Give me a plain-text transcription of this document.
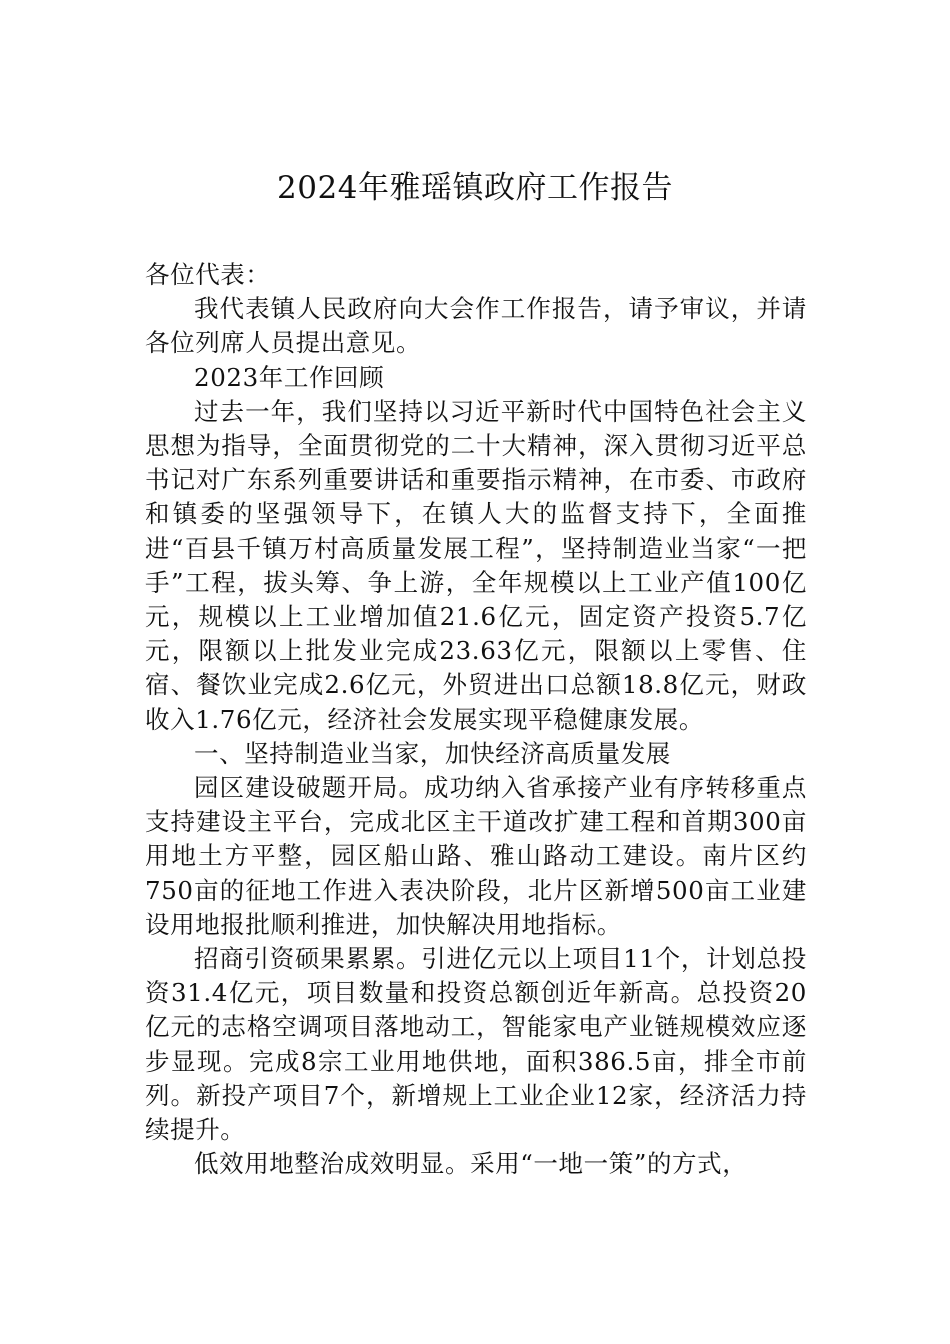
2024年雅瑶镇政府工作报告

各位代表：

我代表镇人民政府向大会作工作报告，请予审议，并请各位列席人员提出意见。

2023年工作回顾

过去一年，我们坚持以习近平新时代中国特色社会主义思想为指导，全面贯彻党的二十大精神，深入贯彻习近平总书记对广东系列重要讲话和重要指示精神，在市委、市政府和镇委的坚强领导下，在镇人大的监督支持下，全面推进“百县千镇万村高质量发展工程”，坚持制造业当家“一把手”工程，拔头筹、争上游，全年规模以上工业产值100亿元，规模以上工业增加值21.6亿元，固定资产投资5.7亿元，限额以上批发业完成23.63亿元，限额以上零售、住宿、餐饮业完成2.6亿元，外贸进出口总额18.8亿元，财政收入1.76亿元，经济社会发展实现平稳健康发展。

一、坚持制造业当家，加快经济高质量发展

园区建设破题开局。成功纳入省承接产业有序转移重点支持建设主平台，完成北区主干道改扩建工程和首期300亩用地土方平整，园区船山路、雅山路动工建设。南片区约750亩的征地工作进入表决阶段，北片区新增500亩工业建设用地报批顺利推进，加快解决用地指标。

招商引资硕果累累。引进亿元以上项目11个，计划总投资31.4亿元，项目数量和投资总额创近年新高。总投资20亿元的志格空调项目落地动工，智能家电产业链规模效应逐步显现。完成8宗工业用地供地，面积386.5亩，排全市前列。新投产项目7个，新增规上工业企业12家，经济活力持续提升。

低效用地整治成效明显。采用“一地一策”的方式，
